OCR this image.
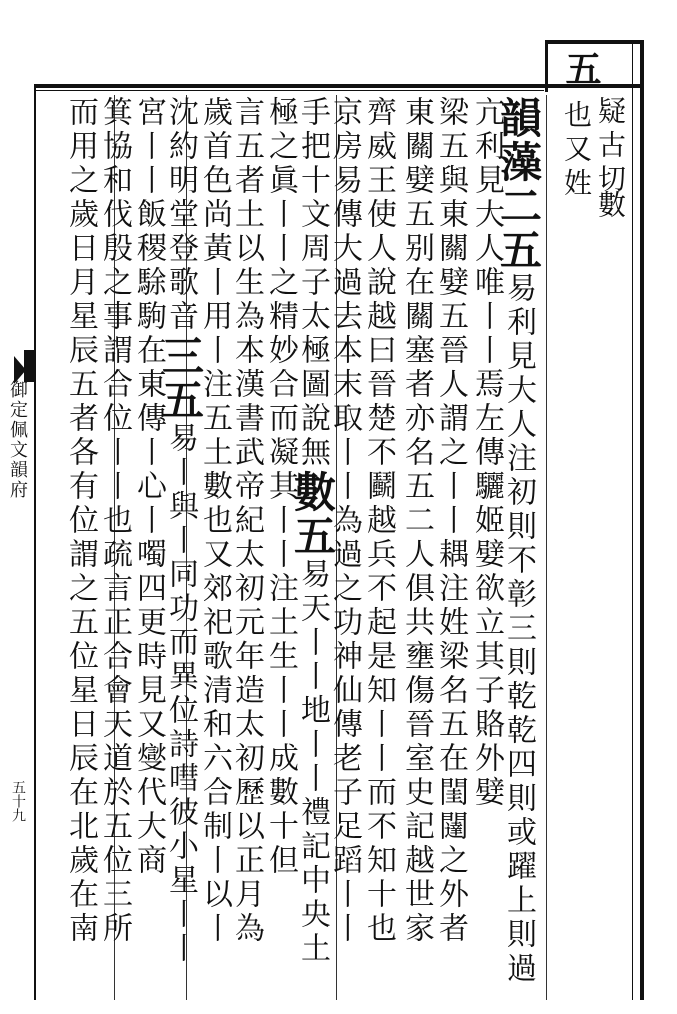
御定佩文韻府
五十九
五
疑古切
數
也又姓
韻藻二五易利見大人注初則不彰三則乾乾四則或躍上則過
亢利見大人唯丨丨焉左傳驪姬嬖欲立其子賂外嬖
梁五與東關嬖五晉人謂之丨丨耦注姓梁名五在閨闥之外者
東關嬖五别在關塞者亦名五二人俱共壅傷晉室史記越世家
齊威王使人說越曰晉楚不鬬越兵不起是知丨丨而不知十也
京房易傳大過去本末取丨丨為過之功神仙傳老子足蹈丨丨
手把十文周子太極圖說無數五易天丨丨地丨丨禮記中央土
極之眞丨丨之精妙合而凝其丨丨注土生丨丨成數十但
言五者土以生為本漢書武帝紀太初元年造太初歷以正月為
歲首色尚黃丨用丨注五土數也又郊祀歌清和六合制丨以丨
沈約明堂登歌音三五易丨與丨同功而異位詩嘒彼小星丨丨
宮丨丨飯稷駼駒在東傳丨心丨噣四更時見又燮代大商
箕協和伐殷之事謂合位丨丨也疏言正合會天道於五位三所
而用之歲日月星辰五者各有位謂之五位星日辰在北歲在南
